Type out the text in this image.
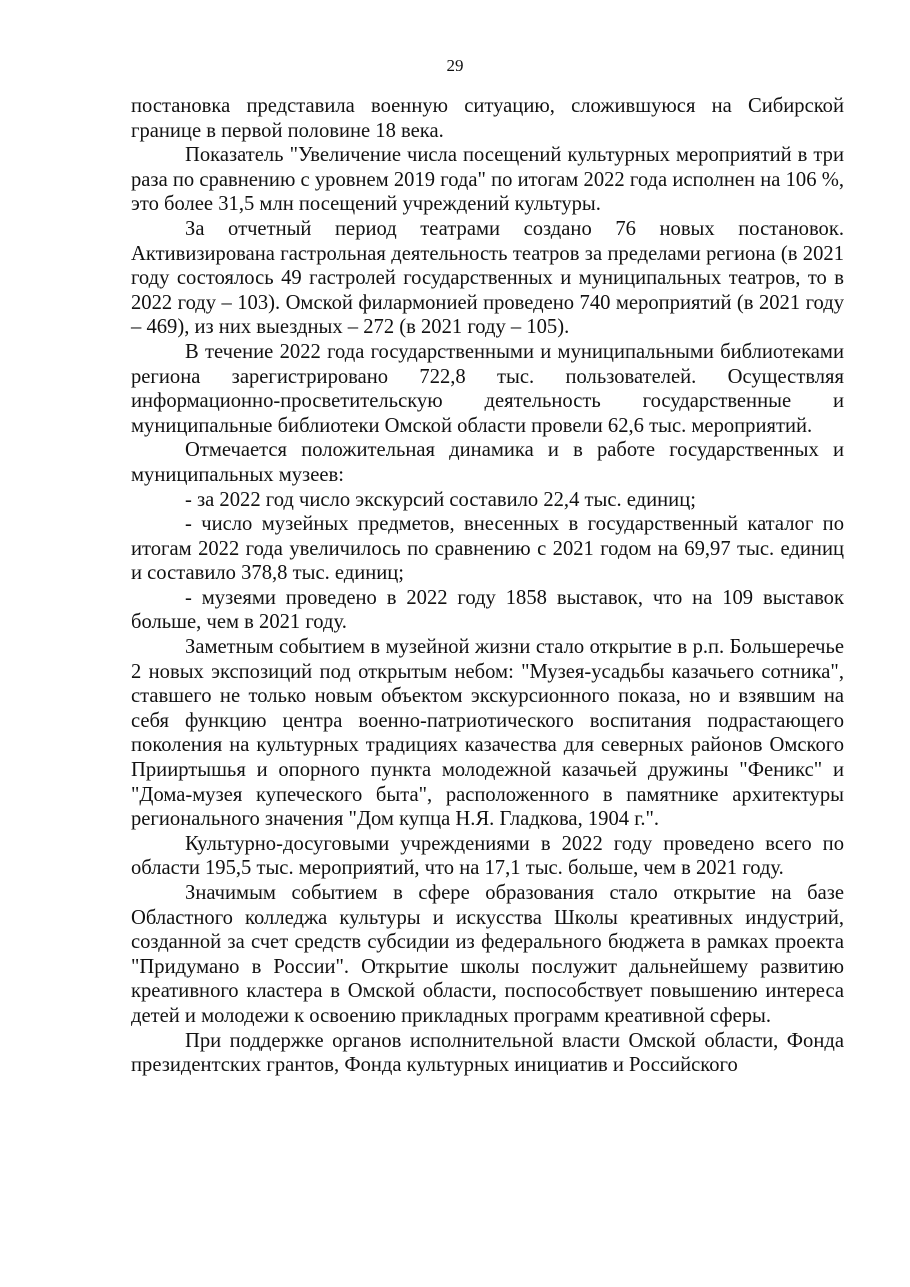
29

постановка представила военную ситуацию, сложившуюся на Сибирской границе в первой половине 18 века.

Показатель "Увеличение числа посещений культурных мероприятий в три раза по сравнению с уровнем 2019 года" по итогам 2022 года исполнен на 106 %, это более 31,5 млн посещений учреждений культуры.

За отчетный период театрами создано 76 новых постановок. Активизирована гастрольная деятельность театров за пределами региона (в 2021 году состоялось 49 гастролей государственных и муниципальных театров, то в 2022 году – 103). Омской филармонией проведено 740 мероприятий (в 2021 году – 469), из них выездных – 272 (в 2021 году – 105).

В течение 2022 года государственными и муниципальными библиотеками региона зарегистрировано 722,8 тыс. пользователей. Осуществляя информационно-просветительскую деятельность государственные и муниципальные библиотеки Омской области провели 62,6 тыс. мероприятий.

Отмечается положительная динамика и в работе государственных и муниципальных музеев:

- за 2022 год число экскурсий составило 22,4 тыс. единиц;

- число музейных предметов, внесенных в государственный каталог по итогам 2022 года увеличилось по сравнению с 2021 годом на 69,97 тыс. единиц и составило 378,8 тыс. единиц;

- музеями проведено в 2022 году 1858 выставок, что на 109 выставок больше, чем в 2021 году.

Заметным событием в музейной жизни стало открытие в р.п. Большеречье 2 новых экспозиций под открытым небом: "Музея-усадьбы казачьего сотника", ставшего не только новым объектом экскурсионного показа, но и взявшим на себя функцию центра военно-патриотического воспитания подрастающего поколения на культурных традициях казачества для северных районов Омского Прииртышья и опорного пункта молодежной казачьей дружины "Феникс" и "Дома-музея купеческого быта", расположенного в памятнике архитектуры регионального значения "Дом купца Н.Я. Гладкова, 1904 г.".

Культурно-досуговыми учреждениями в 2022 году проведено всего по области 195,5 тыс. мероприятий, что на 17,1 тыс. больше, чем в 2021 году.

Значимым событием в сфере образования стало открытие на базе Областного колледжа культуры и искусства Школы креативных индустрий, созданной за счет средств субсидии из федерального бюджета в рамках проекта "Придумано в России". Открытие школы послужит дальнейшему развитию креативного кластера в Омской области, поспособствует повышению интереса детей и молодежи к освоению прикладных программ креативной сферы.

При поддержке органов исполнительной власти Омской области, Фонда президентских грантов, Фонда культурных инициатив и Российского
